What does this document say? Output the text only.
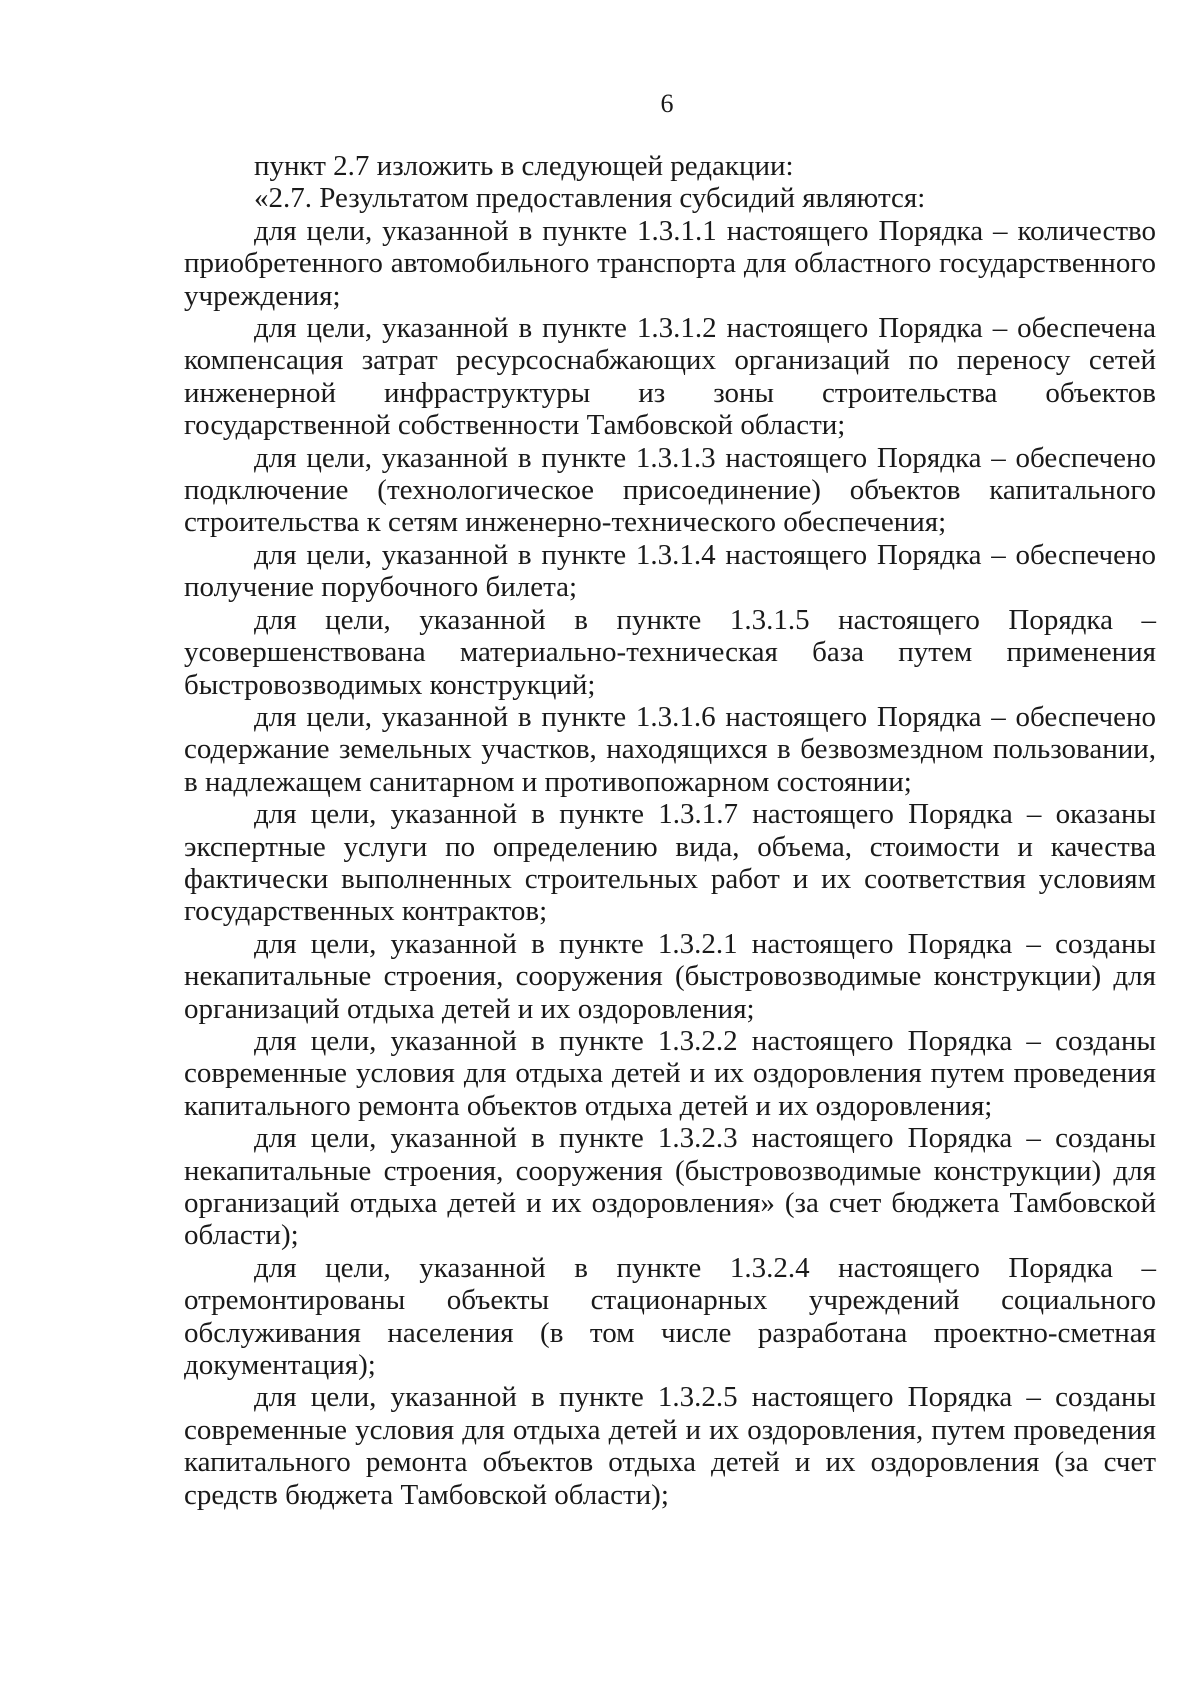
6

пункт 2.7 изложить в следующей редакции:

«2.7. Результатом предоставления субсидий являются:

для цели, указанной в пункте 1.3.1.1 настоящего Порядка – количество приобретенного автомобильного транспорта для областного государственного учреждения;

для цели, указанной в пункте 1.3.1.2 настоящего Порядка – обеспечена компенсация затрат ресурсоснабжающих организаций по переносу сетей инженерной инфраструктуры из зоны строительства объектов государственной собственности Тамбовской области;

для цели, указанной в пункте 1.3.1.3 настоящего Порядка – обеспечено подключение (технологическое присоединение) объектов капитального строительства к сетям инженерно-технического обеспечения;

для цели, указанной в пункте 1.3.1.4 настоящего Порядка – обеспечено получение порубочного билета;

для цели, указанной в пункте 1.3.1.5 настоящего Порядка – усовершенствована материально-техническая база путем применения быстровозводимых конструкций;

для цели, указанной в пункте 1.3.1.6 настоящего Порядка – обеспечено содержание земельных участков, находящихся в безвозмездном пользовании, в надлежащем санитарном и противопожарном состоянии;

для цели, указанной в пункте 1.3.1.7 настоящего Порядка – оказаны экспертные услуги по определению вида, объема, стоимости и качества фактически выполненных строительных работ и их соответствия условиям государственных контрактов;

для цели, указанной в пункте 1.3.2.1 настоящего Порядка – созданы некапитальные строения, сооружения (быстровозводимые конструкции) для организаций отдыха детей и их оздоровления;

для цели, указанной в пункте 1.3.2.2 настоящего Порядка – созданы современные условия для отдыха детей и их оздоровления путем проведения капитального ремонта объектов отдыха детей и их оздоровления;

для цели, указанной в пункте 1.3.2.3 настоящего Порядка – созданы некапитальные строения, сооружения (быстровозводимые конструкции) для организаций отдыха детей и их оздоровления» (за счет бюджета Тамбовской области);

для цели, указанной в пункте 1.3.2.4 настоящего Порядка – отремонтированы объекты стационарных учреждений социального обслуживания населения (в том числе разработана проектно-сметная документация);

для цели, указанной в пункте 1.3.2.5 настоящего Порядка – созданы современные условия для отдыха детей и их оздоровления, путем проведения капитального ремонта объектов отдыха детей и их оздоровления (за счет средств бюджета Тамбовской области);
